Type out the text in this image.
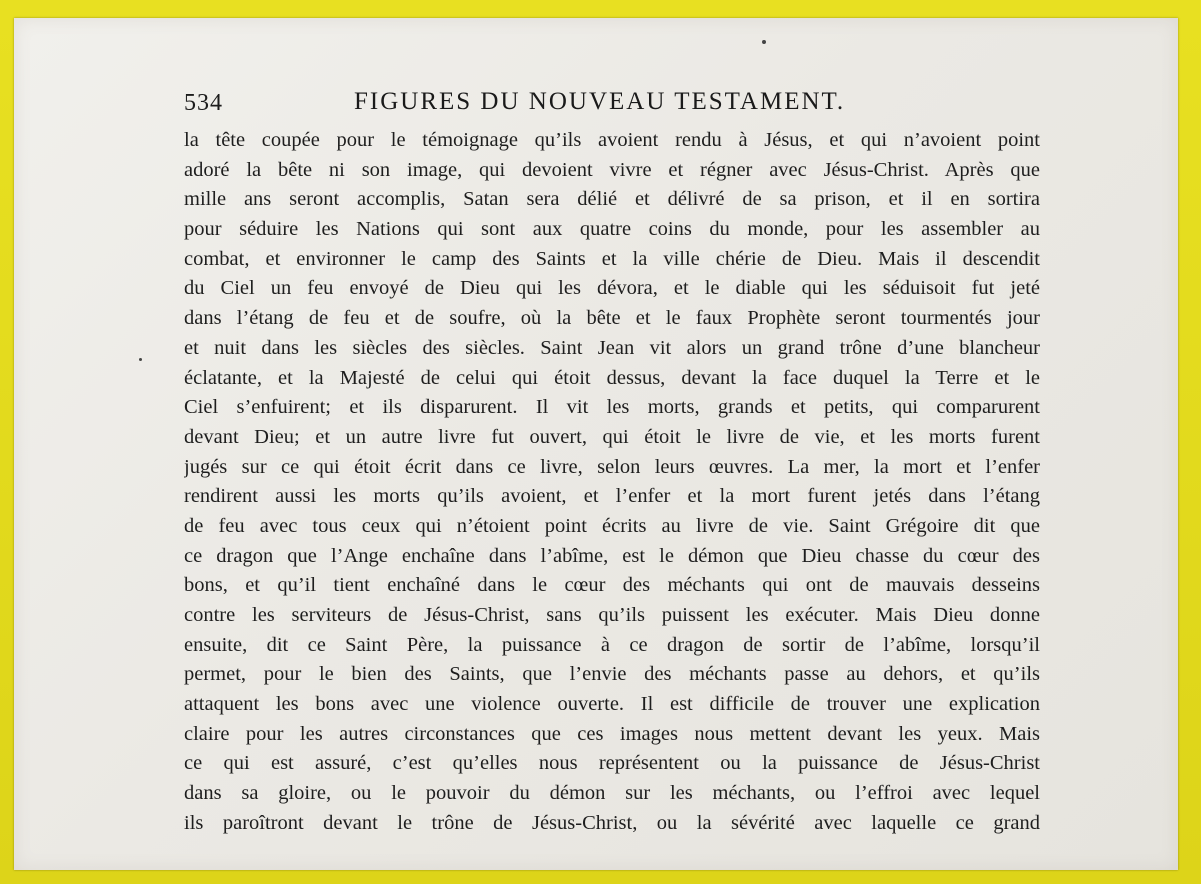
534	FIGURES DU NOUVEAU TESTAMENT.
la tête coupée pour le témoignage qu’ils avoient rendu à Jésus, et qui n’avoient point
adoré la bête ni son image, qui devoient vivre et régner avec Jésus-Christ. Après que
mille ans seront accomplis, Satan sera délié et délivré de sa prison, et il en sortira
pour séduire les Nations qui sont aux quatre coins du monde, pour les assembler au
combat, et environner le camp des Saints et la ville chérie de Dieu. Mais il descendit
du Ciel un feu envoyé de Dieu qui les dévora, et le diable qui les séduisoit fut jeté
dans l’étang de feu et de soufre, où la bête et le faux Prophète seront tourmentés jour
et nuit dans les siècles des siècles. Saint Jean vit alors un grand trône d’une blancheur
éclatante, et la Majesté de celui qui étoit dessus, devant la face duquel la Terre et le
Ciel s’enfuirent; et ils disparurent. Il vit les morts, grands et petits, qui comparurent
devant Dieu; et un autre livre fut ouvert, qui étoit le livre de vie, et les morts furent
jugés sur ce qui étoit écrit dans ce livre, selon leurs œuvres. La mer, la mort et l’enfer
rendirent aussi les morts qu’ils avoient, et l’enfer et la mort furent jetés dans l’étang
de feu avec tous ceux qui n’étoient point écrits au livre de vie. Saint Grégoire dit que
ce dragon que l’Ange enchaîne dans l’abîme, est le démon que Dieu chasse du cœur des
bons, et qu’il tient enchaîné dans le cœur des méchants qui ont de mauvais desseins
contre les serviteurs de Jésus-Christ, sans qu’ils puissent les exécuter. Mais Dieu donne
ensuite, dit ce Saint Père, la puissance à ce dragon de sortir de l’abîme, lorsqu’il
permet, pour le bien des Saints, que l’envie des méchants passe au dehors, et qu’ils
attaquent les bons avec une violence ouverte. Il est difficile de trouver une explication
claire pour les autres circonstances que ces images nous mettent devant les yeux. Mais
ce qui est assuré, c’est qu’elles nous représentent ou la puissance de Jésus-Christ
dans sa gloire, ou le pouvoir du démon sur les méchants, ou l’effroi avec lequel
ils paroîtront devant le trône de Jésus-Christ, ou la sévérité avec laquelle ce grand
